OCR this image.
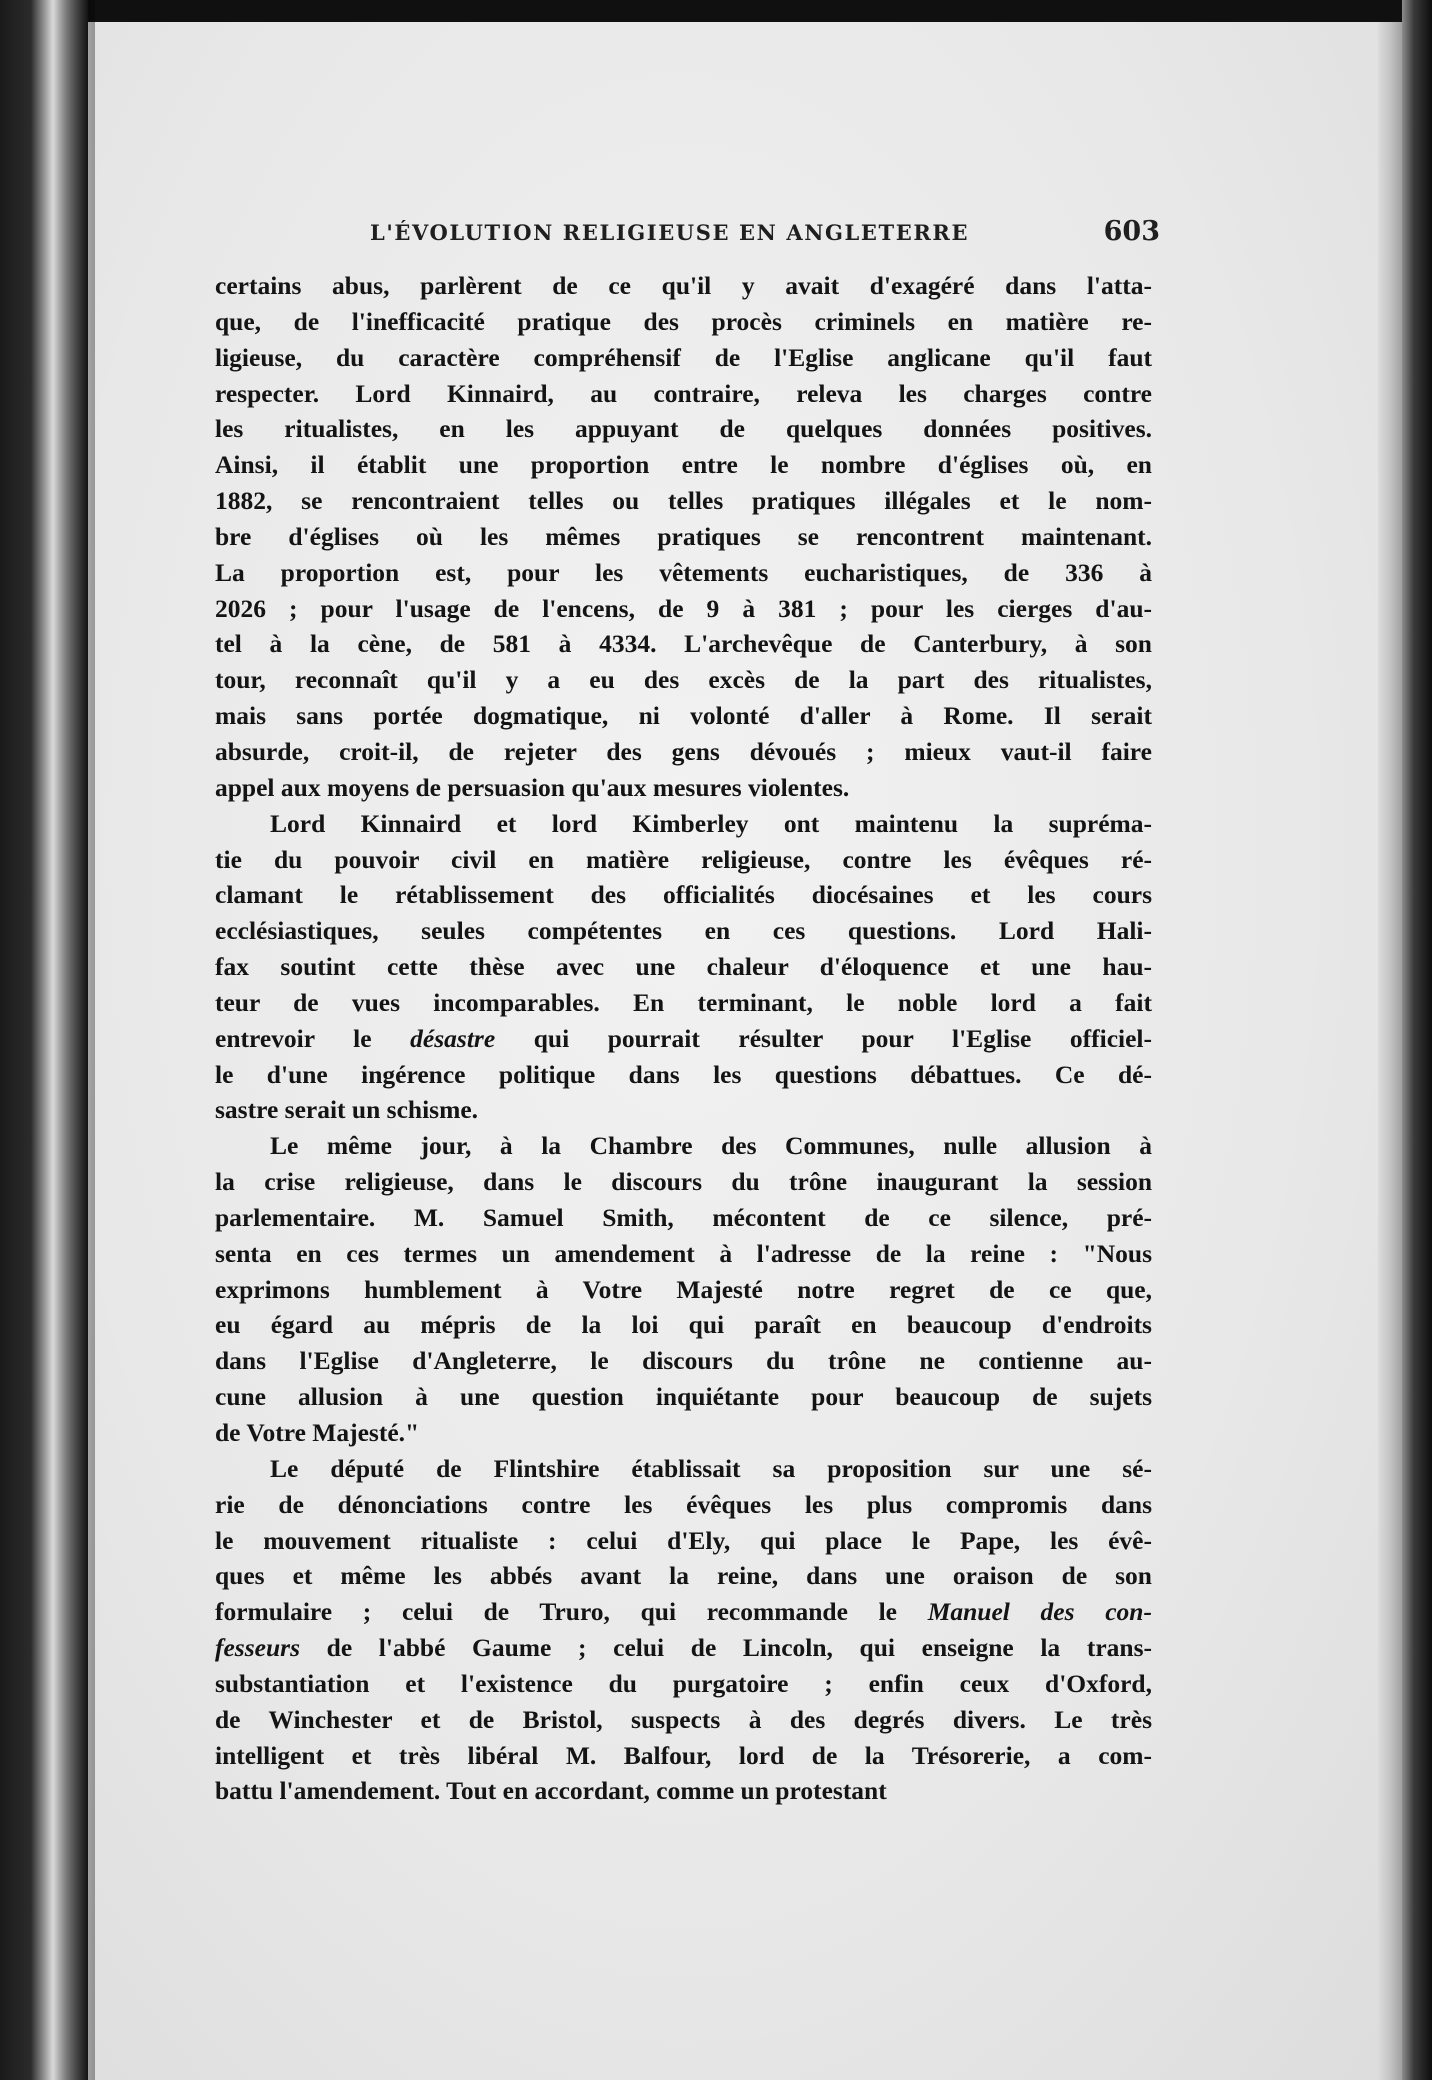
L'ÉVOLUTION RELIGIEUSE EN ANGLETERRE	603

certains abus, parlèrent de ce qu'il y avait d'exagéré dans l'atta-

que, de l'inefficacité pratique des procès criminels en matière re-

ligieuse, du caractère compréhensif de l'Eglise anglicane qu'il faut

respecter. Lord Kinnaird, au contraire, releva les charges contre

les ritualistes, en les appuyant de quelques données positives.

Ainsi, il établit une proportion entre le nombre d'églises où, en

1882, se rencontraient telles ou telles pratiques illégales et le nom-

bre d'églises où les mêmes pratiques se rencontrent maintenant.

La proportion est, pour les vêtements eucharistiques, de 336 à

2026 ; pour l'usage de l'encens, de 9 à 381 ; pour les cierges d'au-

tel à la cène, de 581 à 4334. L'archevêque de Canterbury, à son

tour, reconnaît qu'il y a eu des excès de la part des ritualistes,

mais sans portée dogmatique, ni volonté d'aller à Rome. Il serait

absurde, croit-il, de rejeter des gens dévoués ; mieux vaut-il faire

appel aux moyens de persuasion qu'aux mesures violentes.

Lord Kinnaird et lord Kimberley ont maintenu la supréma-

tie du pouvoir civil en matière religieuse, contre les évêques ré-

clamant le rétablissement des officialités diocésaines et les cours

ecclésiastiques, seules compétentes en ces questions. Lord Hali-

fax soutint cette thèse avec une chaleur d'éloquence et une hau-

teur de vues incomparables. En terminant, le noble lord a fait

entrevoir le désastre qui pourrait résulter pour l'Eglise officiel-

le d'une ingérence politique dans les questions débattues. Ce dé-

sastre serait un schisme.

Le même jour, à la Chambre des Communes, nulle allusion à

la crise religieuse, dans le discours du trône inaugurant la session

parlementaire. M. Samuel Smith, mécontent de ce silence, pré-

senta en ces termes un amendement à l'adresse de la reine : "Nous

exprimons humblement à Votre Majesté notre regret de ce que,

eu égard au mépris de la loi qui paraît en beaucoup d'endroits

dans l'Eglise d'Angleterre, le discours du trône ne contienne au-

cune allusion à une question inquiétante pour beaucoup de sujets

de Votre Majesté."

Le député de Flintshire établissait sa proposition sur une sé-

rie de dénonciations contre les évêques les plus compromis dans

le mouvement ritualiste : celui d'Ely, qui place le Pape, les évê-

ques et même les abbés avant la reine, dans une oraison de son

formulaire ; celui de Truro, qui recommande le Manuel des con-

fesseurs de l'abbé Gaume ; celui de Lincoln, qui enseigne la trans-

substantiation et l'existence du purgatoire ; enfin ceux d'Oxford,

de Winchester et de Bristol, suspects à des degrés divers. Le très

intelligent et très libéral M. Balfour, lord de la Trésorerie, a com-

battu l'amendement. Tout en accordant, comme un protestant
